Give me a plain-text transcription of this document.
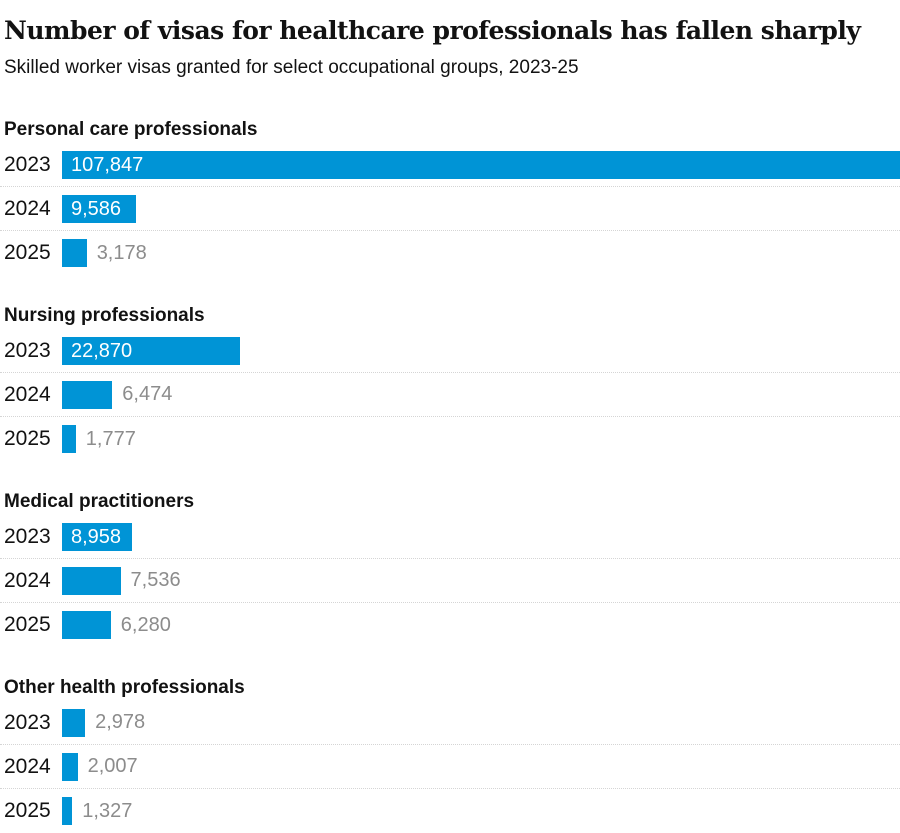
Number of visas for healthcare professionals has fallen sharply

Skilled worker visas granted for select occupational groups, 2023-25

Personal care professionals
2023	107,847
2024	9,586
2025	3,178
Nursing professionals
2023	22,870
2024	6,474
2025	1,777
Medical practitioners
2023	8,958
2024	7,536
2025	6,280
Other health professionals
2023	2,978
2024	2,007
2025	1,327
